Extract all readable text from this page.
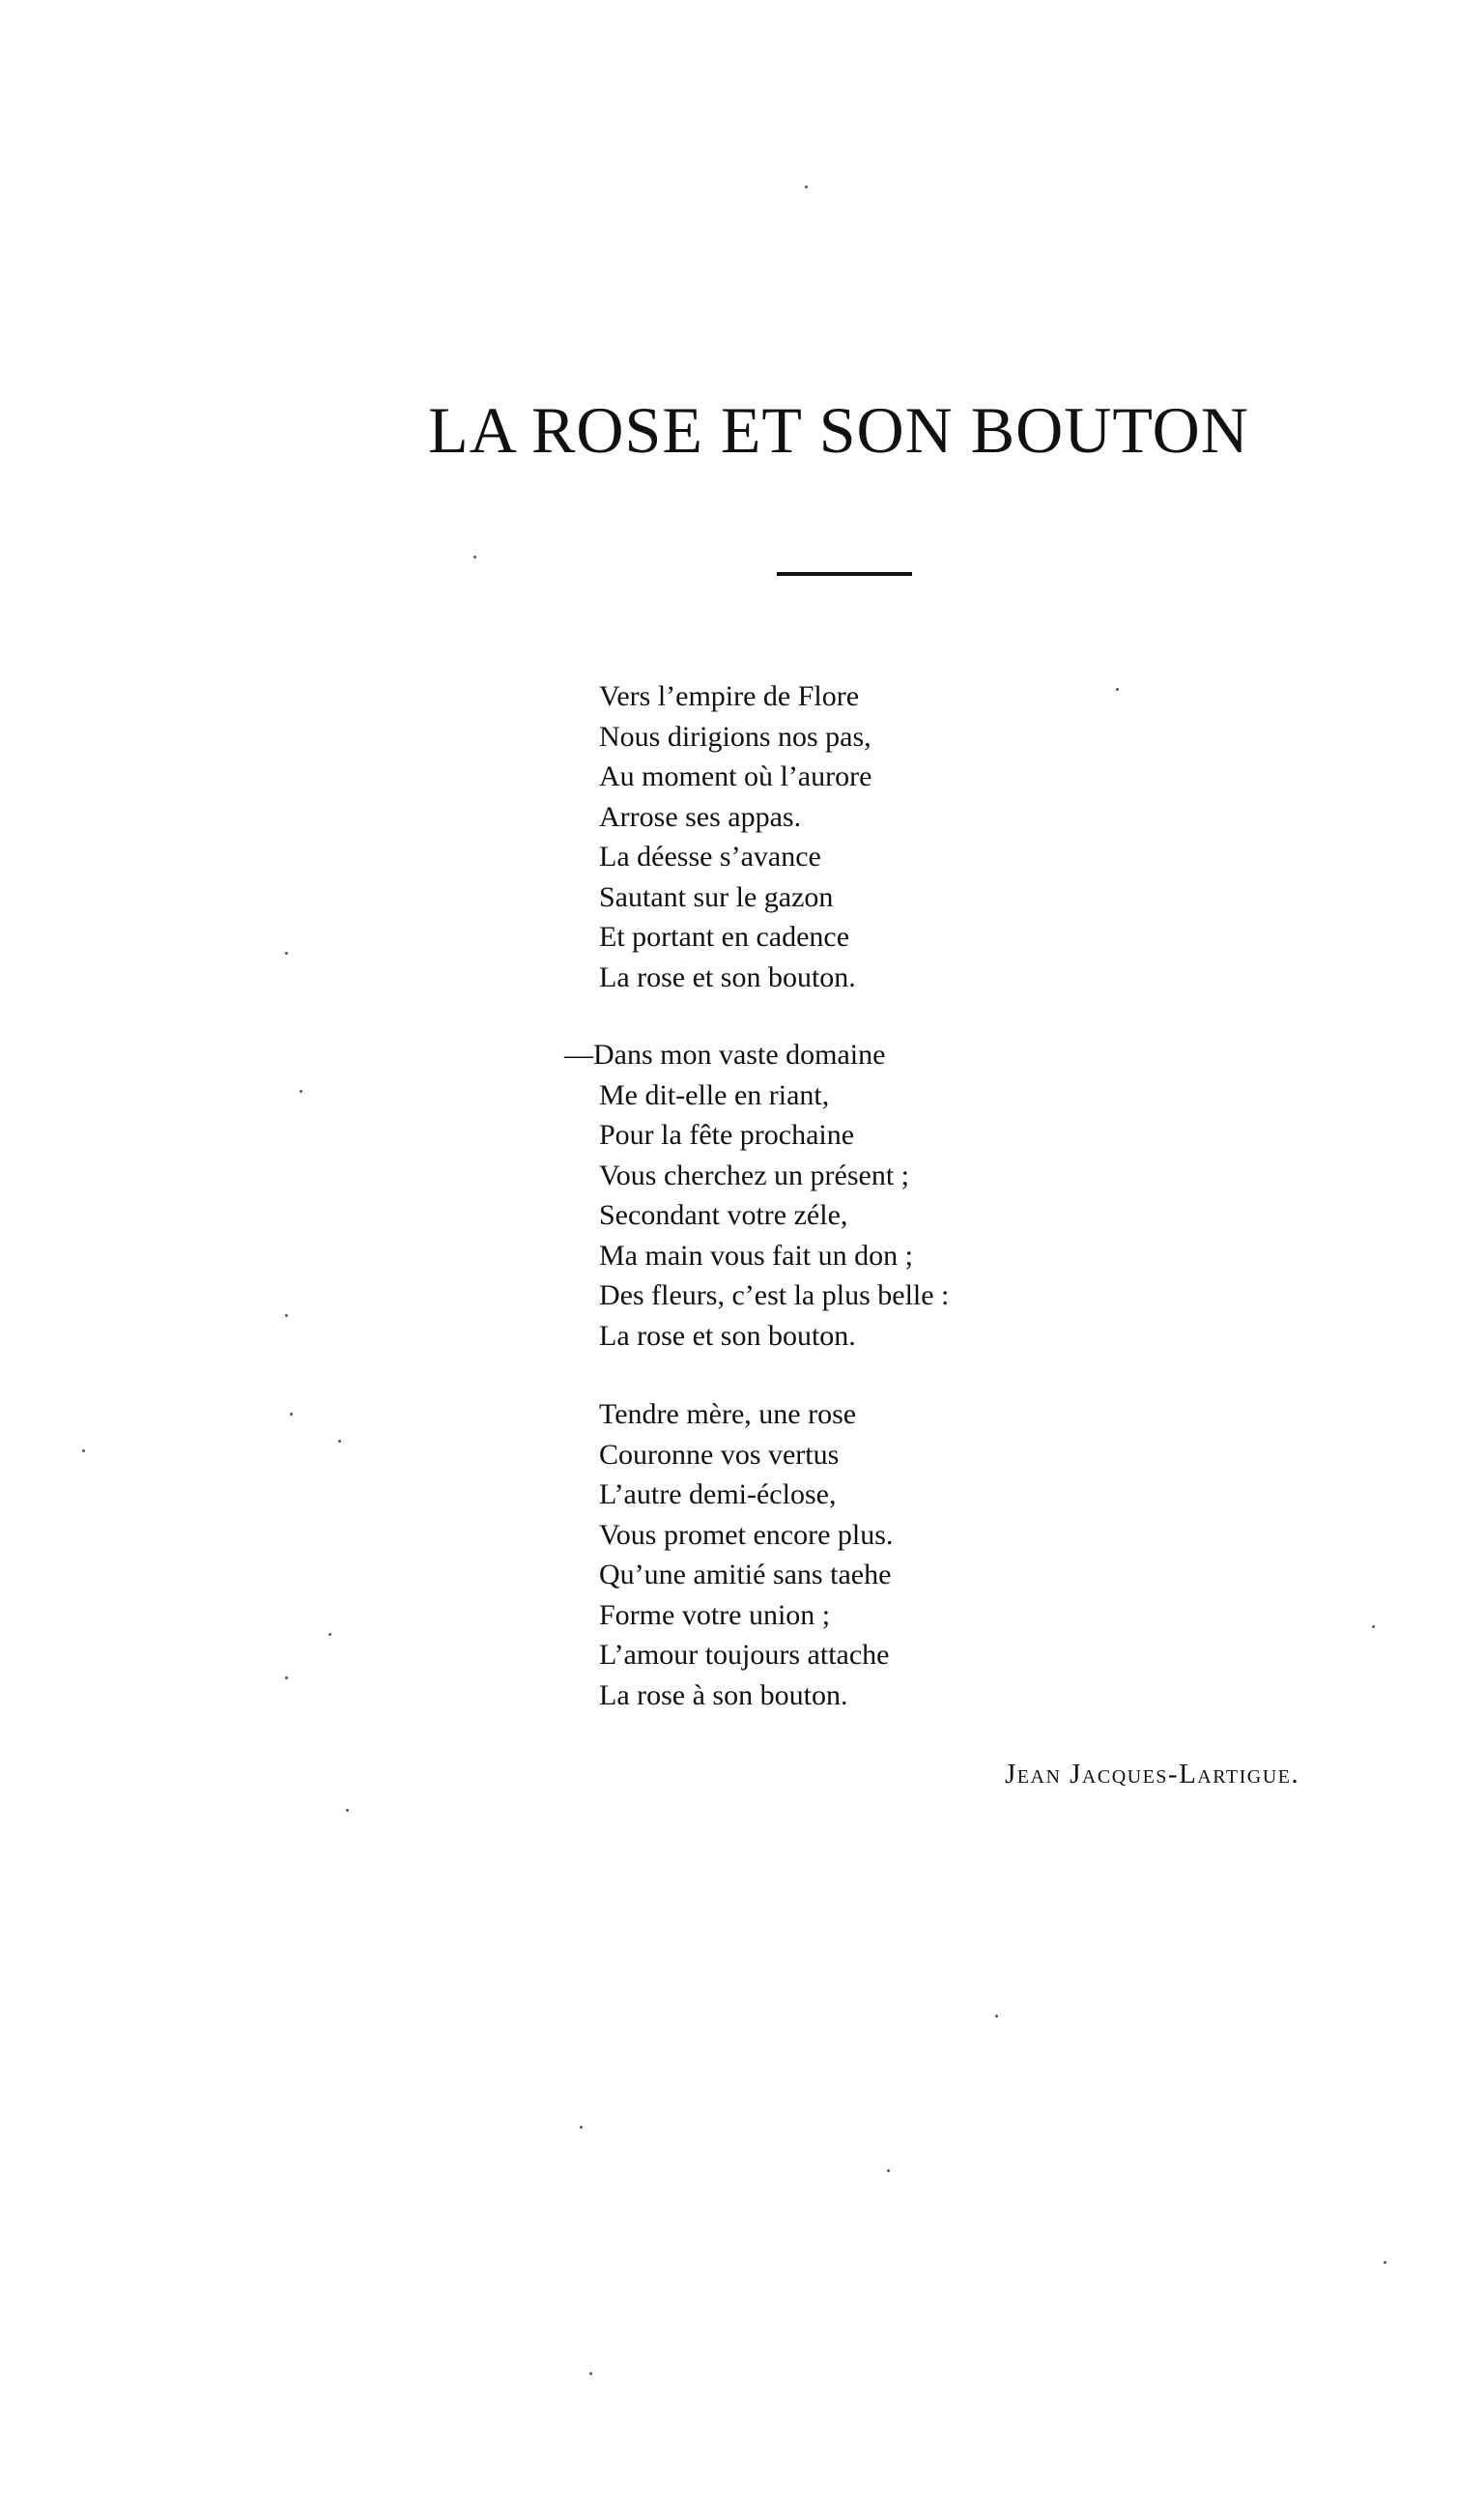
LA ROSE ET SON BOUTON
Vers l’empire de Flore
Nous dirigions nos pas,
Au moment où l’aurore
Arrose ses appas.
La déesse s’avance
Sautant sur le gazon
Et portant en cadence
La rose et son bouton.
—Dans mon vaste domaine
Me dit-elle en riant,
Pour la fête prochaine
Vous cherchez un présent ;
Secondant votre zéle,
Ma main vous fait un don ;
Des fleurs, c’est la plus belle :
La rose et son bouton.
Tendre mère, une rose
Couronne vos vertus
L’autre demi-éclose,
Vous promet encore plus.
Qu’une amitié sans taehe
Forme votre union ;
L’amour toujours attache
La rose à son bouton.
Jean Jacques-Lartigue.
